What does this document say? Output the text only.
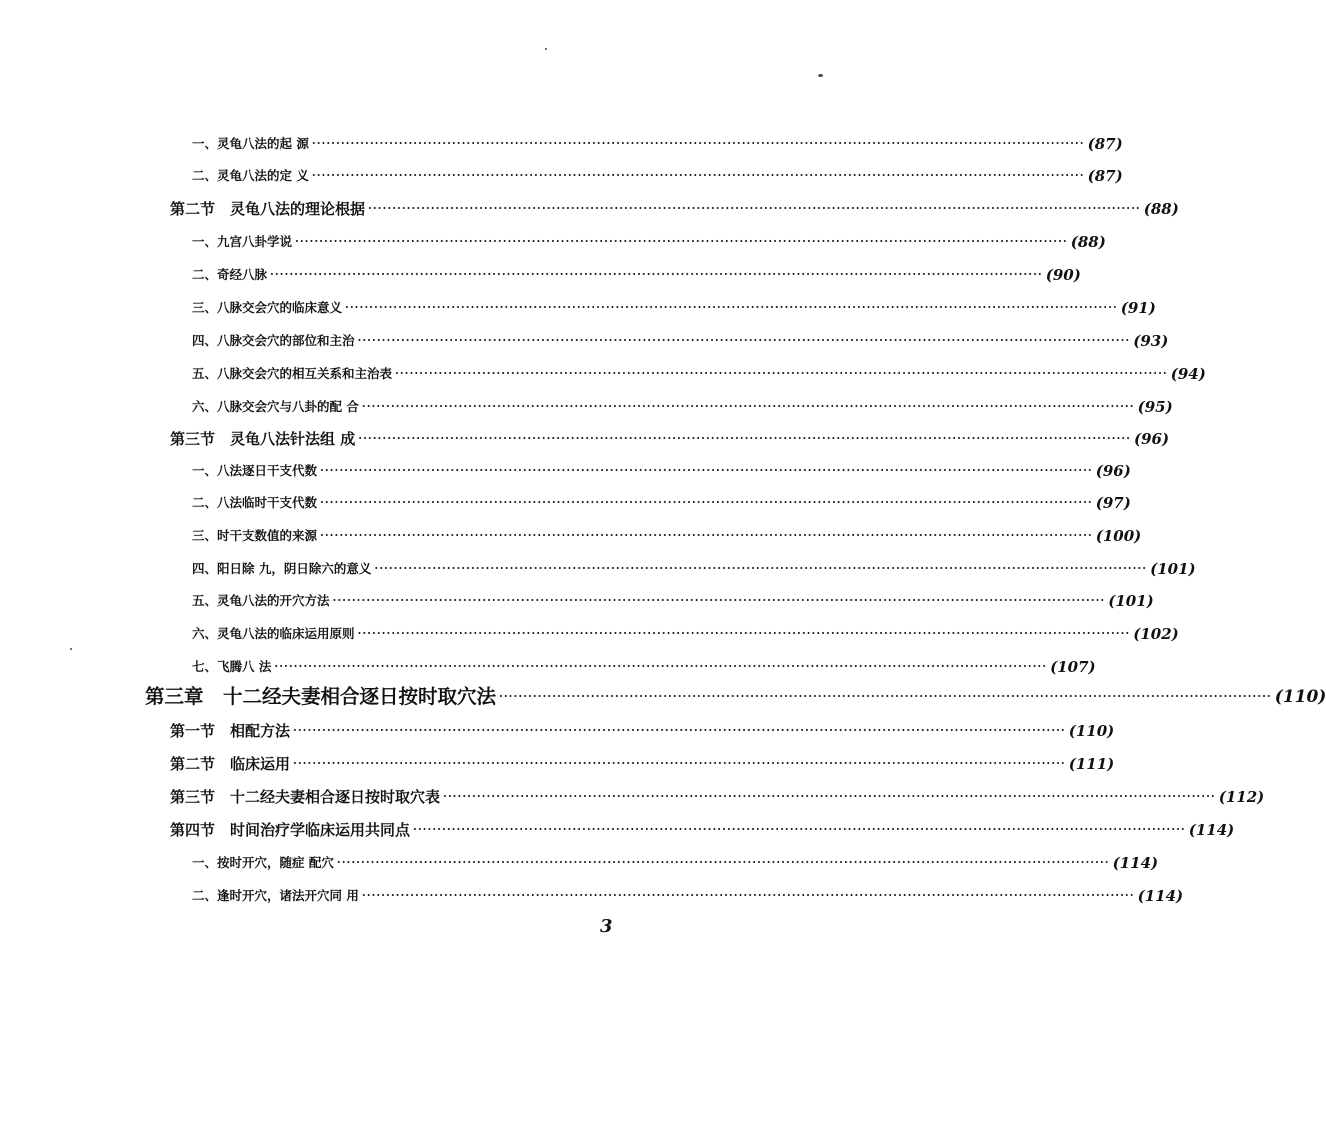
一、灵龟八法的起 源 ································································································································································ (87)
二、灵龟八法的定 义 ································································································································································ (87)
第二节　灵龟八法的理论根据 ································································································································································ (88)
一、九宫八卦学说 ································································································································································ (88)
二、奇经八脉 ································································································································································ (90)
三、八脉交会穴的临床意义 ································································································································································ (91)
四、八脉交会穴的部位和主治 ································································································································································ (93)
五、八脉交会穴的相互关系和主治表 ································································································································································ (94)
六、八脉交会穴与八卦的配 合 ································································································································································ (95)
第三节　灵龟八法针法组 成 ································································································································································ (96)
一、八法逐日干支代数 ································································································································································ (96)
二、八法临时干支代数 ································································································································································ (97)
三、时干支数值的来源 ································································································································································ (100)
四、阳日除 九，阴日除六的意义 ································································································································································ (101)
五、灵龟八法的开穴方法 ································································································································································ (101)
六、灵龟八法的临床运用原则 ································································································································································ (102)
七、飞腾八 法 ································································································································································ (107)
第三章　十二经夫妻相合逐日按时取穴法 ································································································································································ (110)
第一节　相配方法 ································································································································································ (110)
第二节　临床运用 ································································································································································ (111)
第三节　十二经夫妻相合逐日按时取穴表 ································································································································································ (112)
第四节　时间治疗学临床运用共同点 ································································································································································ (114)
一、按时开穴，随症 配穴 ································································································································································ (114)
二、逢时开穴，诸法开穴同 用 ································································································································································ (114)
3
